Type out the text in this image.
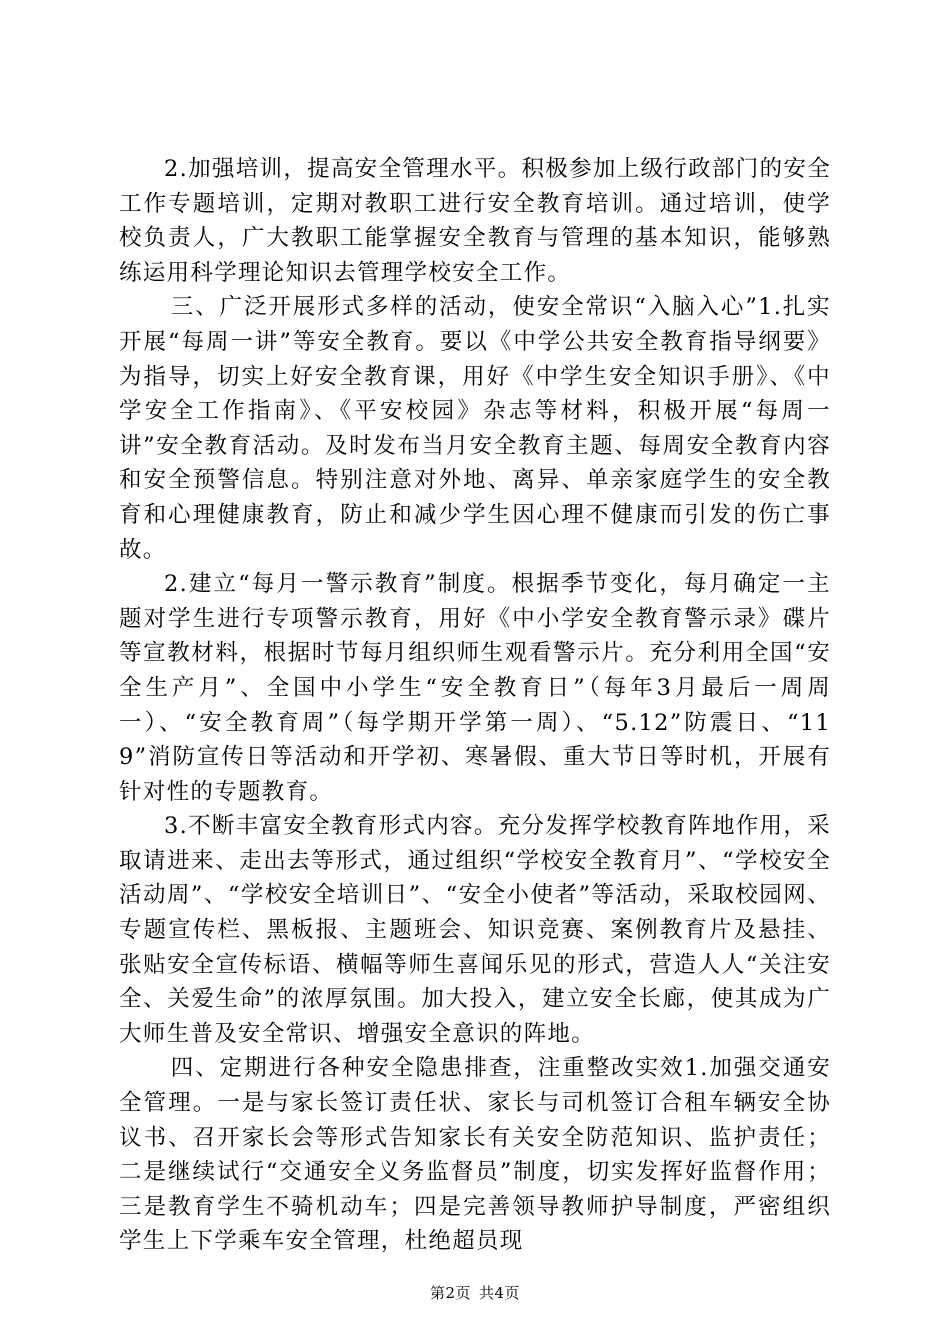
2.加强培训，提高安全管理水平。积极参加上级行政部门的安全工作专题培训，定期对教职工进行安全教育培训。通过培训，使学校负责人，广大教职工能掌握安全教育与管理的基本知识，能够熟练运用科学理论知识去管理学校安全工作。

三、广泛开展形式多样的活动，使安全常识“入脑入心”1.扎实开展“每周一讲”等安全教育。要以《中学公共安全教育指导纲要》为指导，切实上好安全教育课，用好《中学生安全知识手册》、《中学安全工作指南》、《平安校园》杂志等材料，积极开展“每周一讲”安全教育活动。及时发布当月安全教育主题、每周安全教育内容和安全预警信息。特别注意对外地、离异、单亲家庭学生的安全教育和心理健康教育，防止和减少学生因心理不健康而引发的伤亡事故。

2.建立“每月一警示教育”制度。根据季节变化，每月确定一主题对学生进行专项警示教育，用好《中小学安全教育警示录》碟片等宣教材料，根据时节每月组织师生观看警示片。充分利用全国“安全生产月”、全国中小学生“安全教育日”（每年3月最后一周周一）、“安全教育周”（每学期开学第一周）、“5.12”防震日、“119”消防宣传日等活动和开学初、寒暑假、重大节日等时机，开展有针对性的专题教育。

3.不断丰富安全教育形式内容。充分发挥学校教育阵地作用，采取请进来、走出去等形式，通过组织“学校安全教育月”、“学校安全活动周”、“学校安全培训日”、“安全小使者”等活动，采取校园网、专题宣传栏、黑板报、主题班会、知识竞赛、案例教育片及悬挂、张贴安全宣传标语、横幅等师生喜闻乐见的形式，营造人人“关注安全、关爱生命”的浓厚氛围。加大投入，建立安全长廊，使其成为广大师生普及安全常识、增强安全意识的阵地。

四、定期进行各种安全隐患排查，注重整改实效1.加强交通安全管理。一是与家长签订责任状、家长与司机签订合租车辆安全协议书、召开家长会等形式告知家长有关安全防范知识、监护责任；二是继续试行“交通安全义务监督员”制度，切实发挥好监督作用；三是教育学生不骑机动车；四是完善领导教师护导制度，严密组织学生上下学乘车安全管理，杜绝超员现

第2页 共4页
